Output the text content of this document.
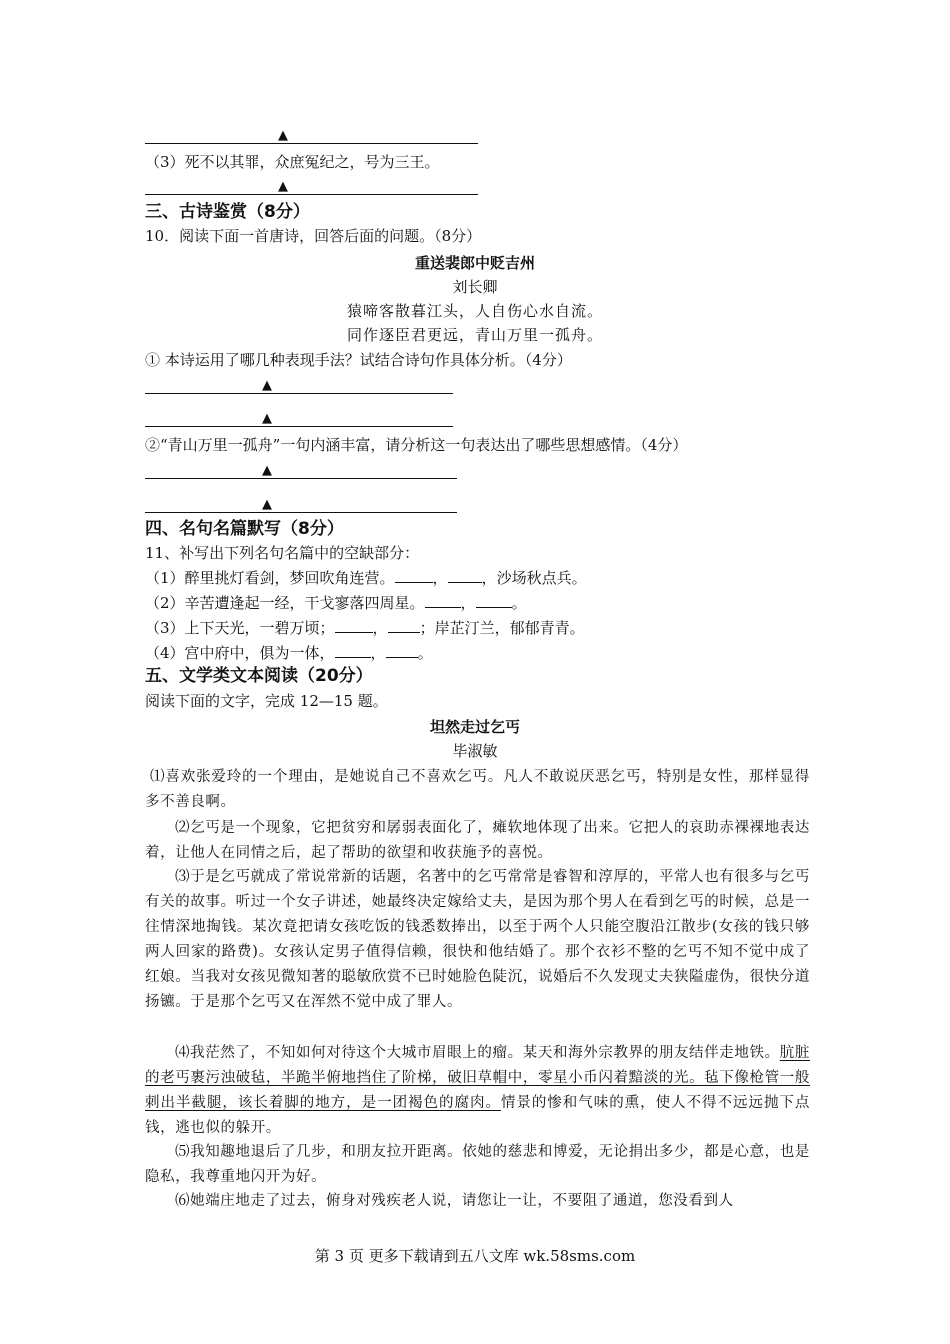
▲
（3）死不以其罪，众庶冤纪之，号为三王。
▲
三、古诗鉴赏（8分）
10．阅读下面一首唐诗，回答后面的问题。（8分）
重送裴郎中贬吉州
刘长卿
猿啼客散暮江头，人自伤心水自流。
同作逐臣君更远，青山万里一孤舟。
① 本诗运用了哪几种表现手法？试结合诗句作具体分析。（4分）
▲
▲
②“青山万里一孤舟”一句内涵丰富，请分析这一句表达出了哪些思想感情。（4分）
▲
▲
四、名句名篇默写（8分）
11、补写出下列名句名篇中的空缺部分：
（1）醉里挑灯看剑，梦回吹角连营。	， ，沙场秋点兵。
（2）辛苦遭逢起一经，干戈寥落四周星。 ， 。
（3）上下天光，一碧万顷；	， ；岸芷汀兰，郁郁青青。
（4）宫中府中，俱为一体， ， 。
五、文学类文本阅读（20分）
阅读下面的文字，完成 12—15 题。
坦然走过乞丐
毕淑敏
⑴喜欢张爱玲的一个理由，是她说自己不喜欢乞丐。凡人不敢说厌恶乞丐，特别是女性，那样显得多不善良啊。
⑵乞丐是一个现象，它把贫穷和孱弱表面化了，瘫软地体现了出来。它把人的哀助赤裸裸地表达着，让他人在同情之后，起了帮助的欲望和收获施予的喜悦。
⑶于是乞丐就成了常说常新的话题，名著中的乞丐常常是睿智和淳厚的，平常人也有很多与乞丐有关的故事。听过一个女子讲述，她最终决定嫁给丈夫，是因为那个男人在看到乞丐的时候，总是一往情深地掏钱。某次竟把请女孩吃饭的钱悉数捧出，以至于两个人只能空腹沿江散步(女孩的钱只够两人回家的路费)。女孩认定男子值得信赖，很快和他结婚了。那个衣衫不整的乞丐不知不觉中成了红娘。当我对女孩见微知著的聪敏欣赏不已时她脸色陡沉，说婚后不久发现丈夫狭隘虚伪，很快分道扬镳。于是那个乞丐又在浑然不觉中成了罪人。
⑷我茫然了，不知如何对待这个大城市眉眼上的瘤。某天和海外宗教界的朋友结伴走地铁。肮脏的老丐裹污浊破毡，半跪半俯地挡住了阶梯，破旧草帽中，零星小币闪着黯淡的光。毡下像枪管一般刺出半截腿，该长着脚的地方，是一团褐色的腐肉。情景的惨和气味的熏，使人不得不远远抛下点钱，逃也似的躲开。
⑸我知趣地退后了几步，和朋友拉开距离。依她的慈悲和博爱，无论捐出多少，都是心意，也是隐私，我尊重地闪开为好。
⑹她端庄地走了过去，俯身对残疾老人说，请您让一让，不要阻了通道，您没看到人
第 3 页 更多下载请到五八文库 wk.58sms.com
